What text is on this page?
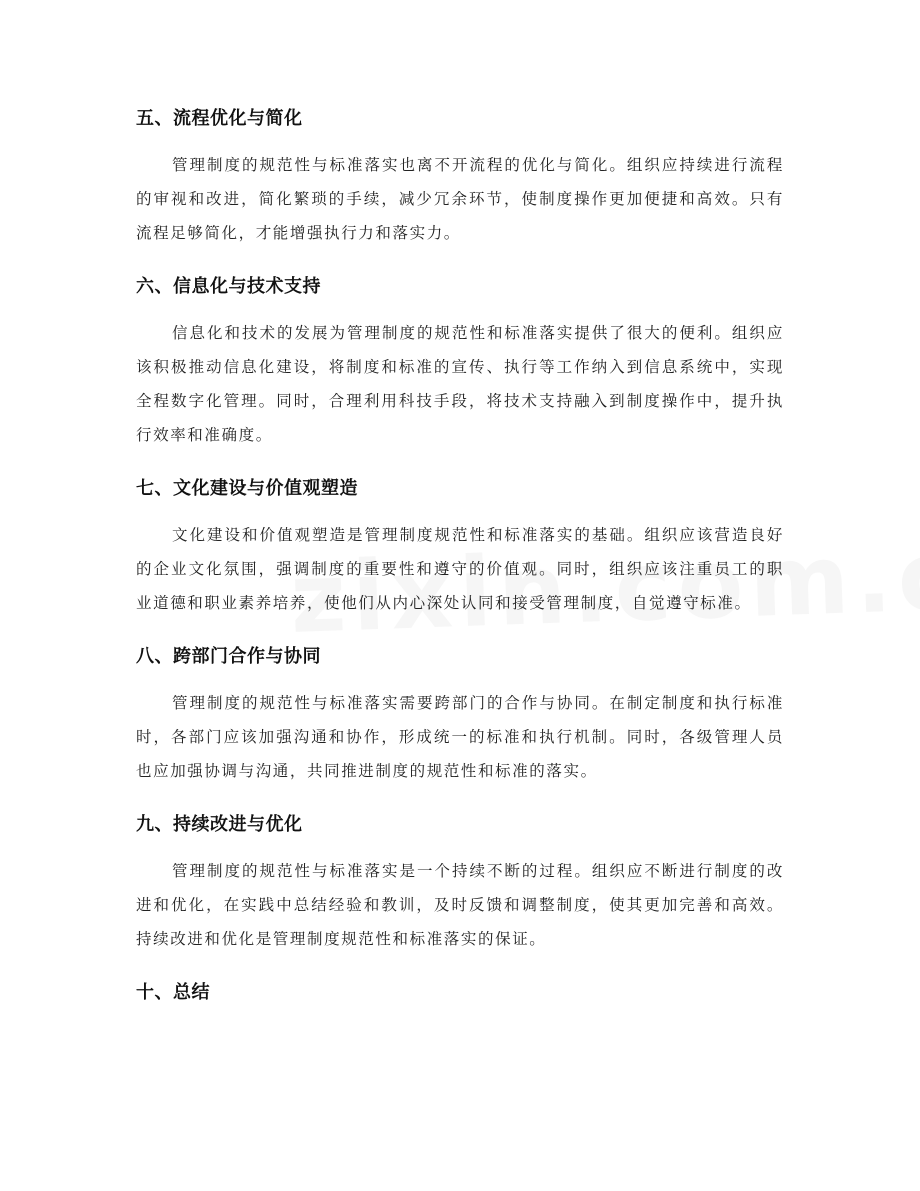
五、流程优化与简化

管理制度的规范性与标准落实也离不开流程的优化与简化。组织应持续进行流程的审视和改进，简化繁琐的手续，减少冗余环节，使制度操作更加便捷和高效。只有流程足够简化，才能增强执行力和落实力。

六、信息化与技术支持

信息化和技术的发展为管理制度的规范性和标准落实提供了很大的便利。组织应该积极推动信息化建设，将制度和标准的宣传、执行等工作纳入到信息系统中，实现全程数字化管理。同时，合理利用科技手段，将技术支持融入到制度操作中，提升执行效率和准确度。

七、文化建设与价值观塑造

文化建设和价值观塑造是管理制度规范性和标准落实的基础。组织应该营造良好的企业文化氛围，强调制度的重要性和遵守的价值观。同时，组织应该注重员工的职业道德和职业素养培养，使他们从内心深处认同和接受管理制度，自觉遵守标准。

八、跨部门合作与协同

管理制度的规范性与标准落实需要跨部门的合作与协同。在制定制度和执行标准时，各部门应该加强沟通和协作，形成统一的标准和执行机制。同时，各级管理人员也应加强协调与沟通，共同推进制度的规范性和标准的落实。

九、持续改进与优化

管理制度的规范性与标准落实是一个持续不断的过程。组织应不断进行制度的改进和优化，在实践中总结经验和教训，及时反馈和调整制度，使其更加完善和高效。持续改进和优化是管理制度规范性和标准落实的保证。

十、总结
